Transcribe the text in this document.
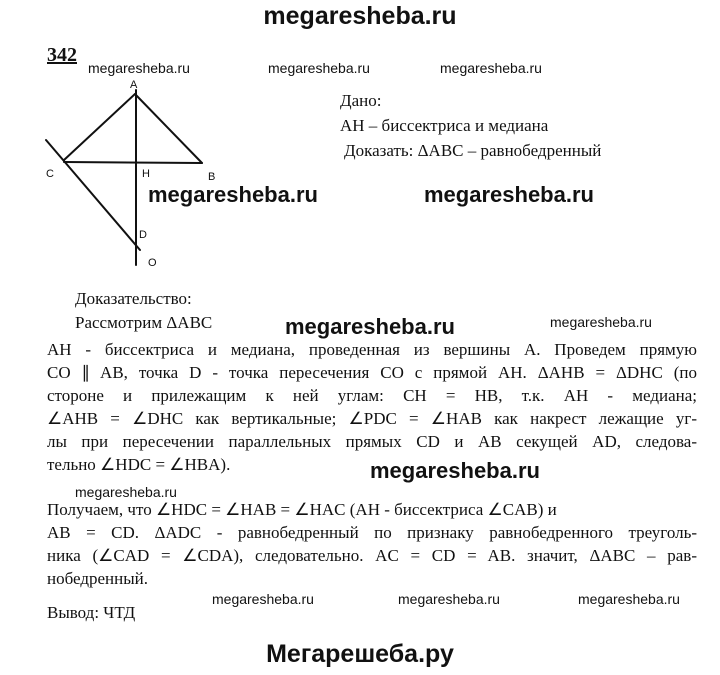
megaresheba.ru
342
megaresheba.ru	megaresheba.ru	megaresheba.ru
A
C	H	B
D
O
Дано:
AH – биссектриса и медиана
Доказать: ΔABC – равнобедренный
megaresheba.ru	megaresheba.ru
Доказательство:
Рассмотрим ΔABC	megaresheba.ru	megaresheba.ru
AH - биссектриса и медиана, проведенная из вершины A. Проведем прямую
CO ∥ AB, точка D - точка пересечения CO с прямой AH. ΔAHB = ΔDHC (по
стороне и прилежащим к ней углам: CH = HB, т.к. AH - медиана;
∠AHB = ∠DHC как вертикальные; ∠PDC = ∠HAB как накрест лежащие уг-
лы при пересечении параллельных прямых CD и AB секущей AD, следова-
тельно ∠HDC = ∠HBA).	megaresheba.ru
megaresheba.ru
Получаем, что ∠HDC = ∠HAB = ∠HAC (AH - биссектриса ∠CAB) и
AB = CD. ΔADC - равнобедренный по признаку равнобедренного треуголь-
ника (∠CAD = ∠CDA), следовательно. AC = CD = AB. значит, ΔABC – рав-
нобедренный.
megaresheba.ru	megaresheba.ru	megaresheba.ru
Вывод: ЧТД
Мегарешеба.ру
